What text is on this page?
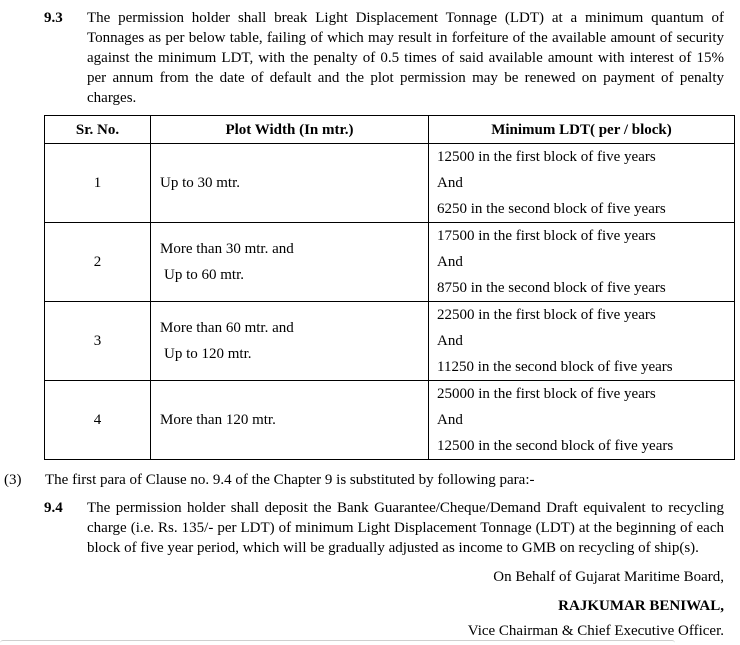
9.3 The permission holder shall break Light Displacement Tonnage (LDT) at a minimum quantum of Tonnages as per below table, failing of which may result in forfeiture of the available amount of security against the minimum LDT, with the penalty of 0.5 times of said available amount with interest of 15% per annum from the date of default and the plot permission may be renewed on payment of penalty charges.
Sr. No.	Plot Width (In mtr.)	Minimum LDT( per / block)
1	Up to 30 mtr.	12500 in the first block of five years
And
6250 in the second block of five years

2	More than 30 mtr. and
Up to 60 mtr.	17500 in the first block of five years
And
8750 in the second block of five years

3	More than 60 mtr. and
Up to 120 mtr.	22500 in the first block of five years
And
11250 in the second block of five years

4	More than 120 mtr.	25000 in the first block of five years
And
12500 in the second block of five years
(3) The first para of Clause no. 9.4 of the Chapter 9 is substituted by following para:-
9.4 The permission holder shall deposit the Bank Guarantee/Cheque/Demand Draft equivalent to recycling charge (i.e. Rs. 135/- per LDT) of minimum Light Displacement Tonnage (LDT) at the beginning of each block of five year period, which will be gradually adjusted as income to GMB on recycling of ship(s).
On Behalf of Gujarat Maritime Board,
RAJKUMAR BENIWAL,
Vice Chairman & Chief Executive Officer.
